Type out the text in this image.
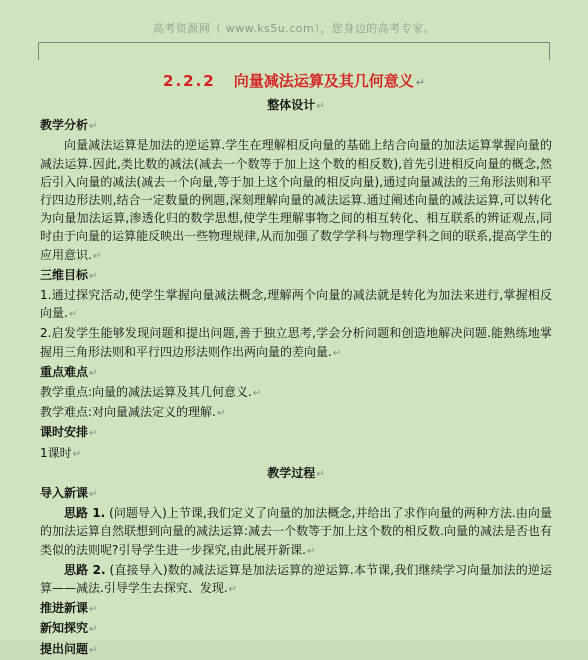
高考资源网（ www.ks5u.com），您身边的高考专家。
2.2.2 向量减法运算及其几何意义 ↵

整体设计↵

教学分析↵

向量减法运算是加法的逆运算.学生在理解相反向量的基础上结合向量的加法运算掌握向量的减法运算.因此,类比数的减法(减去一个数等于加上这个数的相反数),首先引进相反向量的概念,然后引入向量的减法(减去一个向量,等于加上这个向量的相反向量),通过向量减法的三角形法则和平行四边形法则,结合一定数量的例题,深刻理解向量的减法运算.通过阐述向量的减法运算,可以转化为向量加法运算,渗透化归的数学思想,使学生理解事物之间的相互转化、相互联系的辨证观点,同时由于向量的运算能反映出一些物理规律,从而加强了数学学科与物理学科之间的联系,提高学生的应用意识.↵

三维目标↵

1.通过探究活动,使学生掌握向量减法概念,理解两个向量的减法就是转化为加法来进行,掌握相反向量.↵

2.启发学生能够发现问题和提出问题,善于独立思考,学会分析问题和创造地解决问题.能熟练地掌握用三角形法则和平行四边形法则作出两向量的差向量.↵

重点难点↵

教学重点:向量的减法运算及其几何意义.↵

教学难点:对向量减法定义的理解.↵

课时安排↵

1课时↵

教学过程↵

导入新课↵

思路 1. (问题导入)上节课,我们定义了向量的加法概念,并给出了求作向量的两种方法.由向量的加法运算自然联想到向量的减法运算:减去一个数等于加上这个数的相反数.向量的减法是否也有类似的法则呢?引导学生进一步探究,由此展开新课.↵

思路 2. (直接导入)数的减法运算是加法运算的逆运算.本节课,我们继续学习向量加法的逆运算——减法.引导学生去探究、发现.↵

推进新课↵

新知探究↵

提出问题↵
